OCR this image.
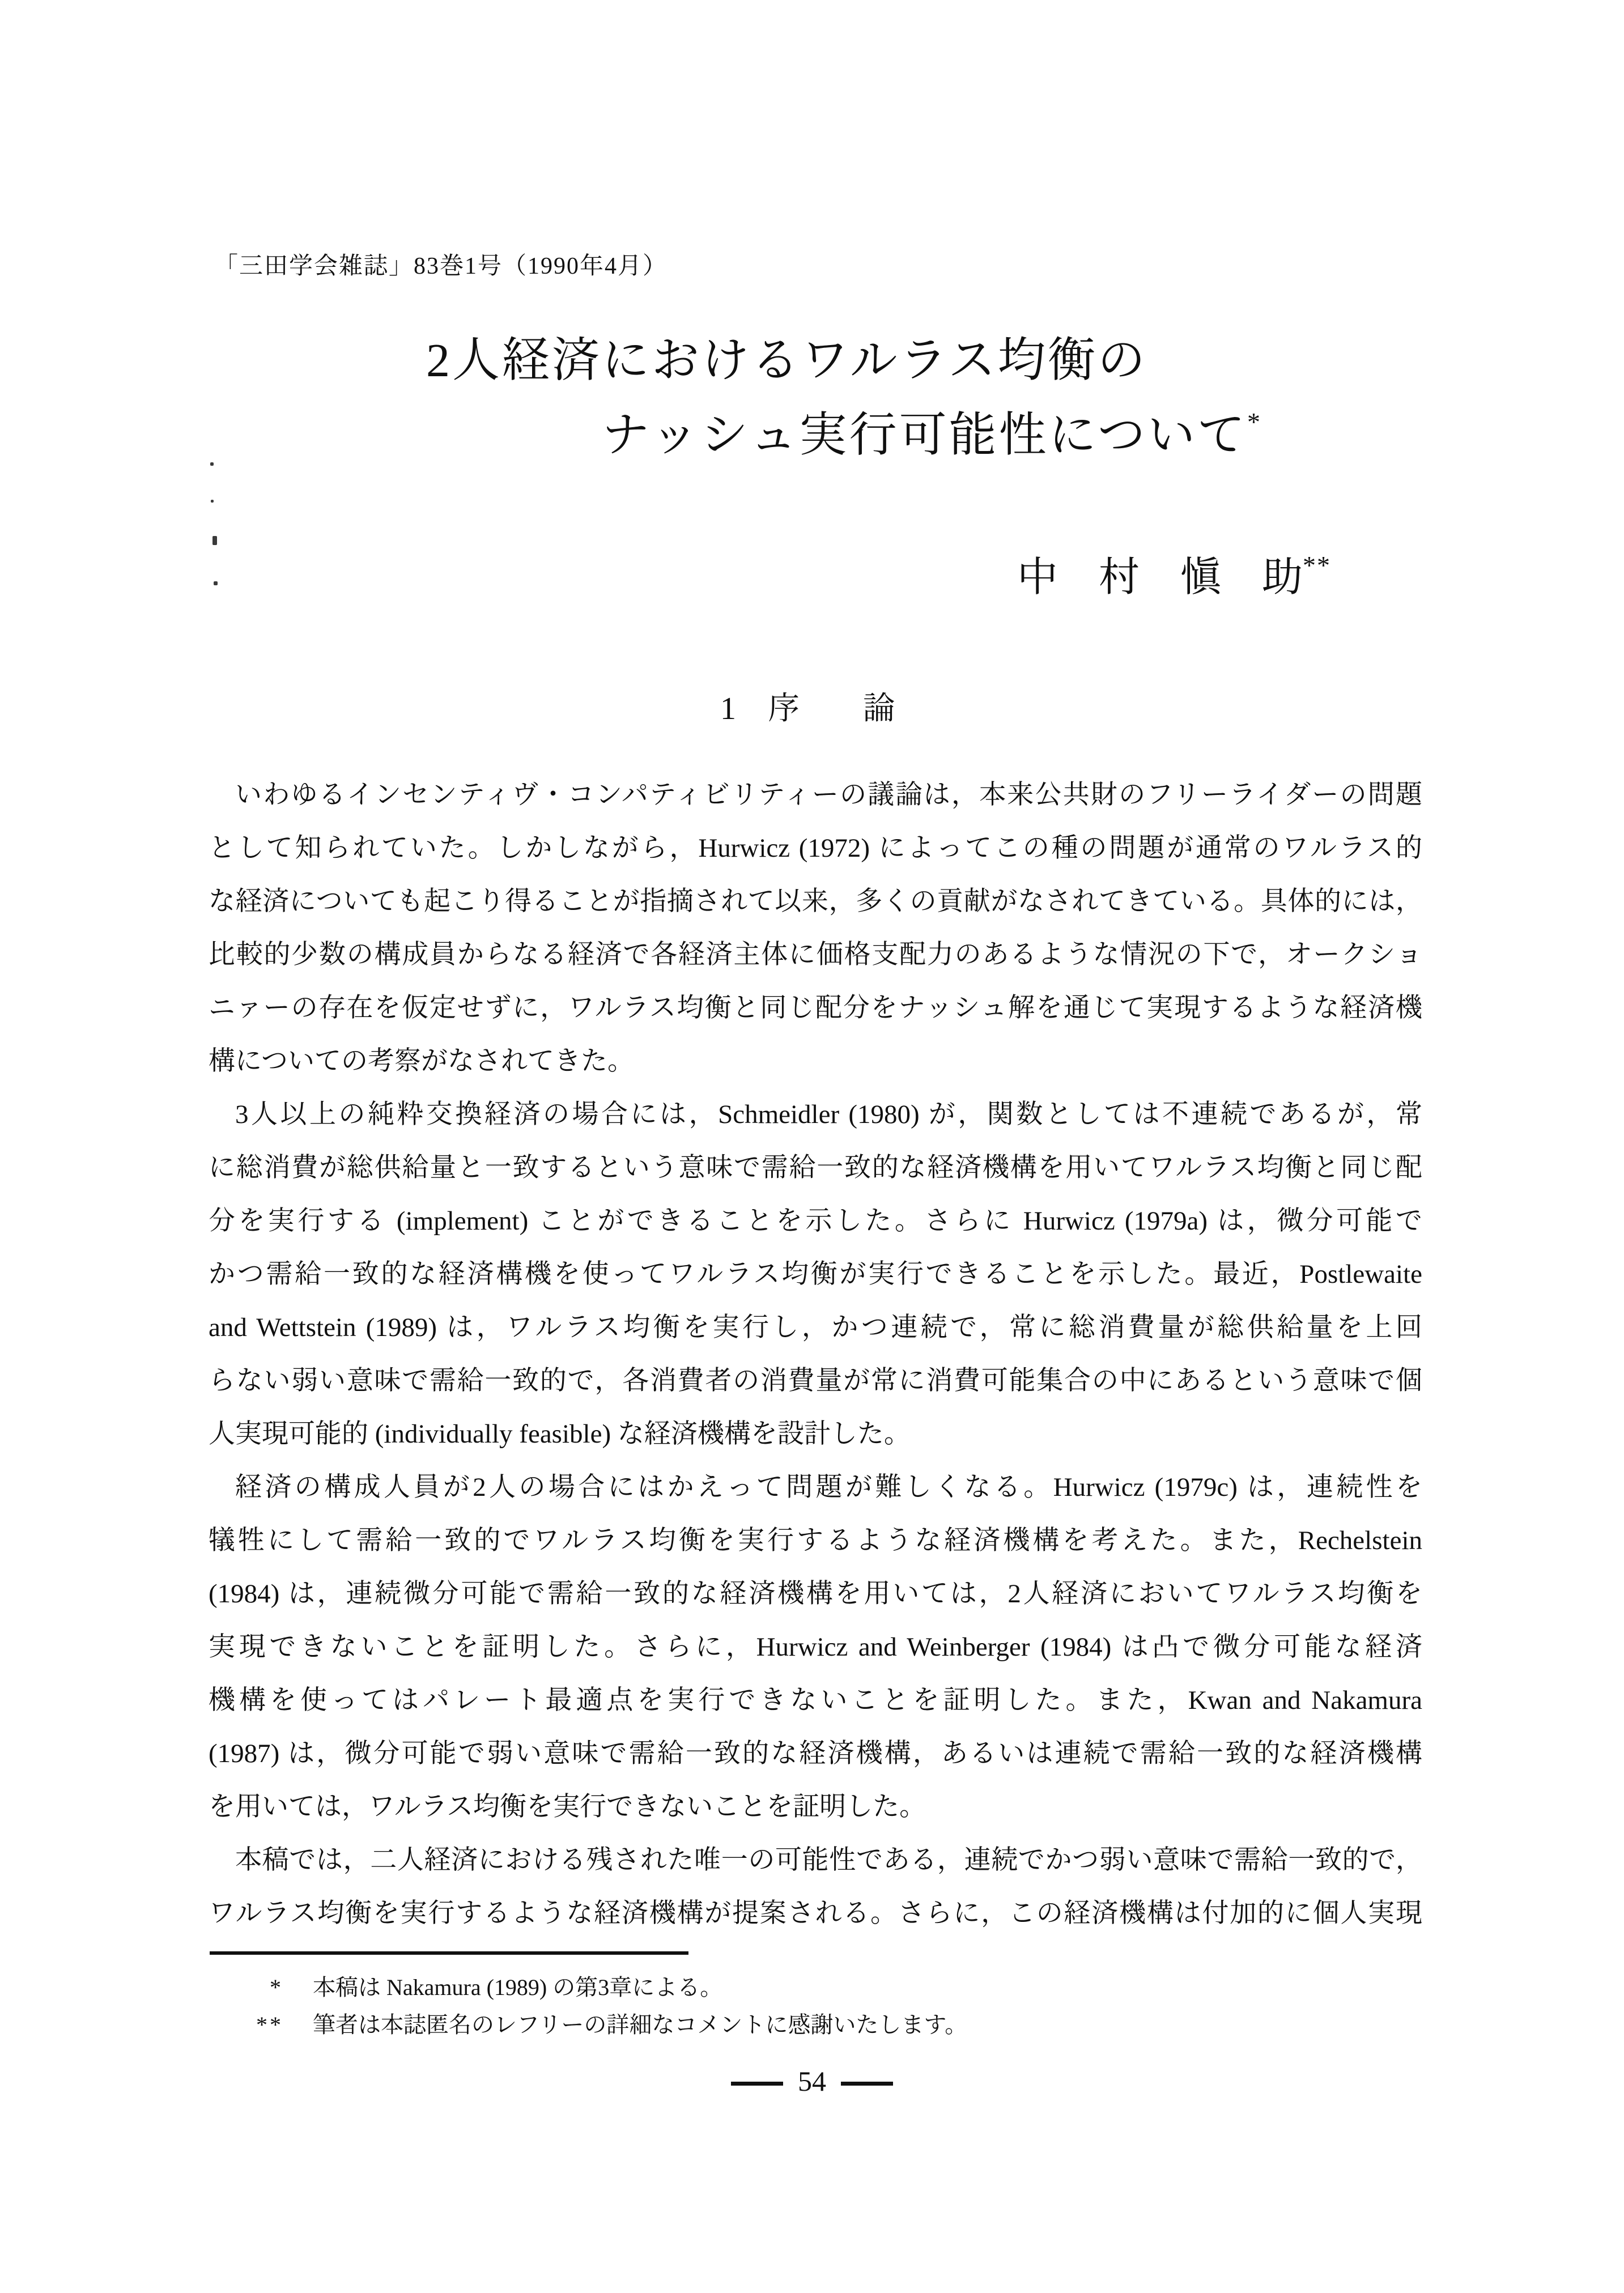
「三田学会雑誌」83巻1号（1990年4月）
2人経済におけるワルラス均衡の
ナッシュ実行可能性について*
中　村　愼　助**
1　序　　論
いわゆるインセンティヴ・コンパティビリティーの議論は，本来公共財のフリーライダーの問題
として知られていた。しかしながら，Hurwicz (1972) によってこの種の問題が通常のワルラス的
な経済についても起こり得ることが指摘されて以来，多くの貢献がなされてきている。具体的には，
比較的少数の構成員からなる経済で各経済主体に価格支配力のあるような情況の下で，オークショ
ニァーの存在を仮定せずに，ワルラス均衡と同じ配分をナッシュ解を通じて実現するような経済機
構についての考察がなされてきた。
3人以上の純粋交換経済の場合には，Schmeidler (1980) が，関数としては不連続であるが，常
に総消費が総供給量と一致するという意味で需給一致的な経済機構を用いてワルラス均衡と同じ配
分を実行する (implement) ことができることを示した。さらに Hurwicz (1979a) は，微分可能で
かつ需給一致的な経済構機を使ってワルラス均衡が実行できることを示した。最近，Postlewaite
and Wettstein (1989) は，ワルラス均衡を実行し，かつ連続で，常に総消費量が総供給量を上回
らない弱い意味で需給一致的で，各消費者の消費量が常に消費可能集合の中にあるという意味で個
人実現可能的 (individually feasible) な経済機構を設計した。
経済の構成人員が2人の場合にはかえって問題が難しくなる。Hurwicz (1979c) は，連続性を
犠牲にして需給一致的でワルラス均衡を実行するような経済機構を考えた。また，Rechelstein
(1984) は，連続微分可能で需給一致的な経済機構を用いては，2人経済においてワルラス均衡を
実現できないことを証明した。さらに，Hurwicz and Weinberger (1984) は凸で微分可能な経済
機構を使ってはパレート最適点を実行できないことを証明した。また，Kwan and Nakamura
(1987) は，微分可能で弱い意味で需給一致的な経済機構，あるいは連続で需給一致的な経済機構
を用いては，ワルラス均衡を実行できないことを証明した。
本稿では，二人経済における残された唯一の可能性である，連続でかつ弱い意味で需給一致的で，
ワルラス均衡を実行するような経済機構が提案される。さらに，この経済機構は付加的に個人実現
* 本稿は Nakamura (1989) の第3章による。
** 筆者は本誌匿名のレフリーの詳細なコメントに感謝いたします。
54
